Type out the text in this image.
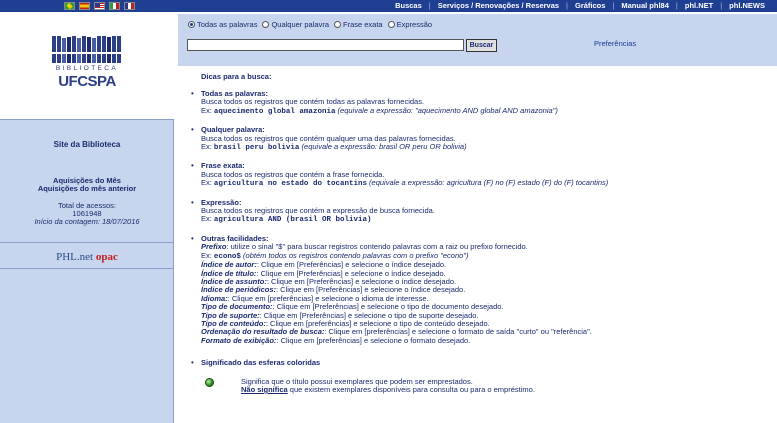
Buscas | Serviços / Renovações / Reservas | Gráficos | Manual phl84 | phl.NET | phl.NEWS
BIBLIOTECA
UFCSPA
Site da Biblioteca
Aquisições do Mês
Aquisições do mês anterior
Total de acessos:
1061948
Início da contagem: 18/07/2016
PHL.net opac
Todas as palavras Qualquer palavra Frase exata Expressão
Buscar	Preferências
Dicas para a busca:
• Todas as palavras:
Busca todos os registros que contém todas as palavras fornecidas.
Ex: aquecimento global amazonia (equivale a expressão: "aquecimento AND global AND amazonia")
• Qualquer palavra:
Busca todos os registros que contém qualquer uma das palavras fornecidas.
Ex: brasil peru bolivia (equivale a expressão: brasil OR peru OR bolivia)
• Frase exata:
Busca todos os registros que contém a frase fornecida.
Ex: agricultura no estado do tocantins (equivale a expressão: agricultura (F) no (F) estado (F) do (F) tocantins)
• Expressão:
Busca todos os registros que contém a expressão de busca fornecida.
Ex: agricultura AND (brasil OR bolivia)
• Outras facilidades:
Prefixo: utilize o sinal "$" para buscar registros contendo palavras com a raiz ou prefixo fornecido.
Ex: econo$ (obtém todos os registros contendo palavras com o prefixo "econo")
Índice de autor:: Clique em [Preferências] e selecione o índice desejado.
Índice de título:: Clique em [Preferências] e selecione o índice desejado.
Índice de assunto:: Clique em [Preferências] e selecione o índice desejado.
Índice de periódicos:: Clique em [Preferências] e selecione o índice desejado.
Idioma:: Clique em [preferências] e selecione o idioma de interesse.
Tipo de documento:: Clique em [Preferências] e selecione o tipo de documento desejado.
Tipo de suporte:: Clique em [Preferências] e selecione o tipo de suporte desejado.
Tipo de conteúdo:: Clique em [preferências] e selecione o tipo de conteúdo desejado.
Ordenação do resultado de busca:: Clique em [preferências] e selecione o formato de saída "curto" ou "referência".
Formato de exibição:: Clique em [preferências] e selecione o formato desejado.
• Significado das esferas coloridas
Significa que o título possui exemplares que podem ser emprestados.
Não significa que existem exemplares disponíveis para consulta ou para o empréstimo.
